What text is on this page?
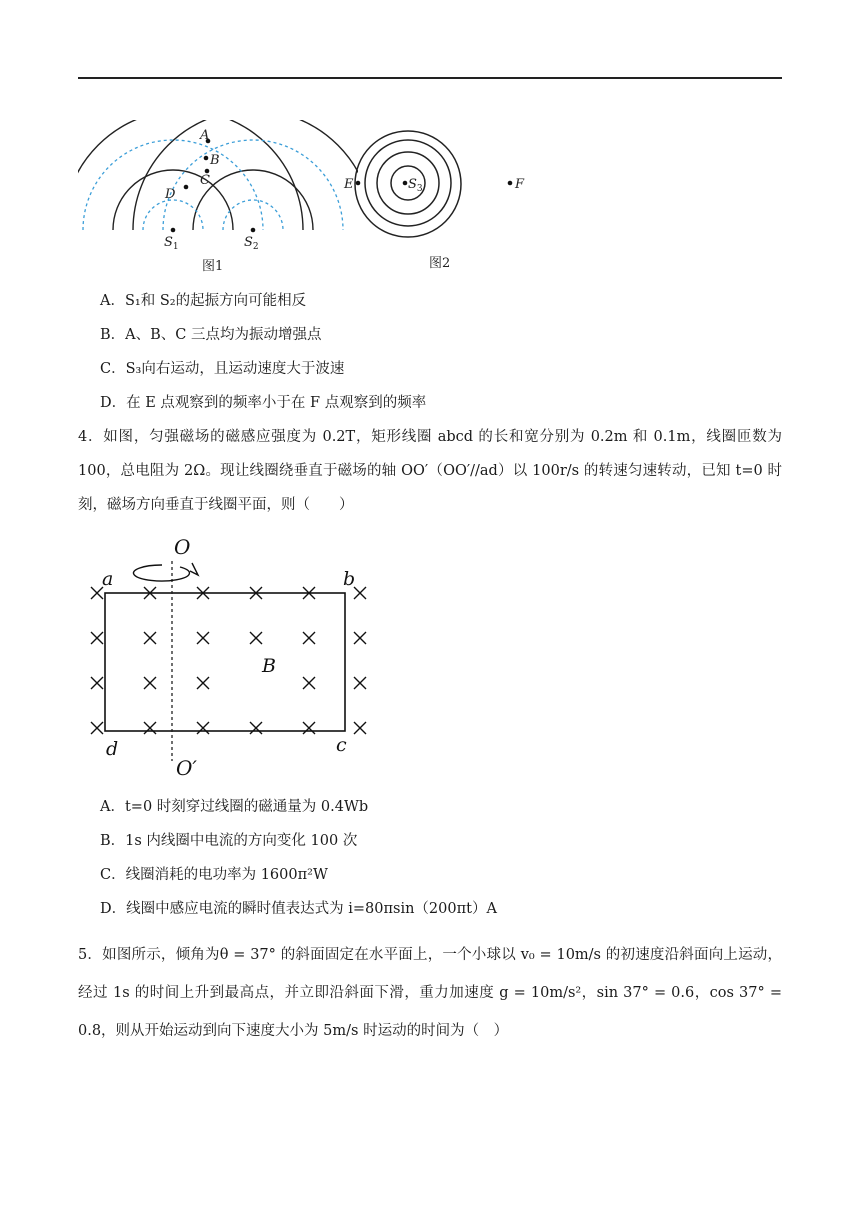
A
B
C
D
$S_1$	$S_2$
图1
$S_3$
E	F
图2
A．S₁和 S₂的起振方向可能相反
B．A、B、C 三点均为振动增强点
C．S₃向右运动，且运动速度大于波速
D．在 E 点观察到的频率小于在 F 点观察到的频率
4．如图，匀强磁场的磁感应强度为 0.2T，矩形线圈 abcd 的长和宽分别为 0.2m 和 0.1m，线圈匝数为 100，总电阻为 2Ω。现让线圈绕垂直于磁场的轴 OO′（OO′//ad）以 100r/s 的转速匀速转动，已知 t=0 时刻，磁场方向垂直于线圈平面，则（　　）
O
O′
a	b
c
d
B
A．t=0 时刻穿过线圈的磁通量为 0.4Wb
B．1s 内线圈中电流的方向变化 100 次
C．线圈消耗的电功率为 1600π²W
D．线圈中感应电流的瞬时值表达式为 i=80πsin（200πt）A
5．如图所示，倾角为θ = 37° 的斜面固定在水平面上，一个小球以 v₀ = 10m/s 的初速度沿斜面向上运动，经过 1s 的时间上升到最高点，并立即沿斜面下滑，重力加速度 g = 10m/s²，sin 37° = 0.6，cos 37° = 0.8，则从开始运动到向下速度大小为 5m/s 时运动的时间为（　）
